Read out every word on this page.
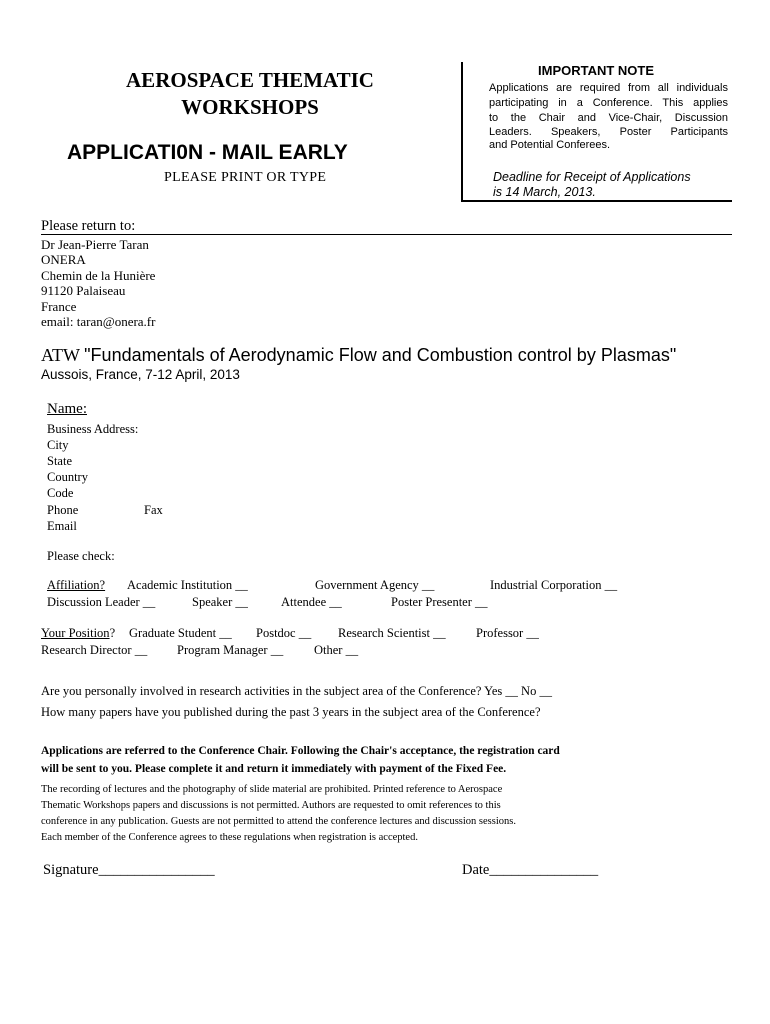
AEROSPACE THEMATIC
WORKSHOPS
APPLICATI0N - MAIL EARLY
PLEASE PRINT OR TYPE
IMPORTANT NOTE
Applications are required from all individuals
participating in a Conference. This applies
to the Chair and Vice-Chair, Discussion
Leaders. Speakers, Poster Participants
and Potential Conferees.
Deadline for Receipt of Applications
is 14 March, 2013.
Please return to:
Dr Jean-Pierre Taran
ONERA
Chemin de la Hunière
91120 Palaiseau
France
email: taran@onera.fr
ATW "Fundamentals of Aerodynamic Flow and Combustion control by Plasmas"
Aussois, France, 7-12 April, 2013
Name:
Business Address:
City
State
Country
Code
Phone	Fax
Email
Please check:
Affiliation? Academic Institution __	Government Agency __	Industrial Corporation __
Discussion Leader __	Speaker __	Attendee __	Poster Presenter __
Your Position? Graduate Student __ Postdoc __ Research Scientist __ Professor __
Research Director __ Program Manager __ Other __
Are you personally involved in research activities in the subject area of the Conference? Yes __ No __
How many papers have you published during the past 3 years in the subject area of the Conference?
Applications are referred to the Conference Chair. Following the Chair's acceptance, the registration card
will be sent to you. Please complete it and return it immediately with payment of the Fixed Fee.
The recording of lectures and the photography of slide material are prohibited. Printed reference to Aerospace
Thematic Workshops papers and discussions is not permitted. Authors are requested to omit references to this
conference in any publication. Guests are not permitted to attend the conference lectures and discussion sessions.
Each member of the Conference agrees to these regulations when registration is accepted.
Signature________________	Date_______________
